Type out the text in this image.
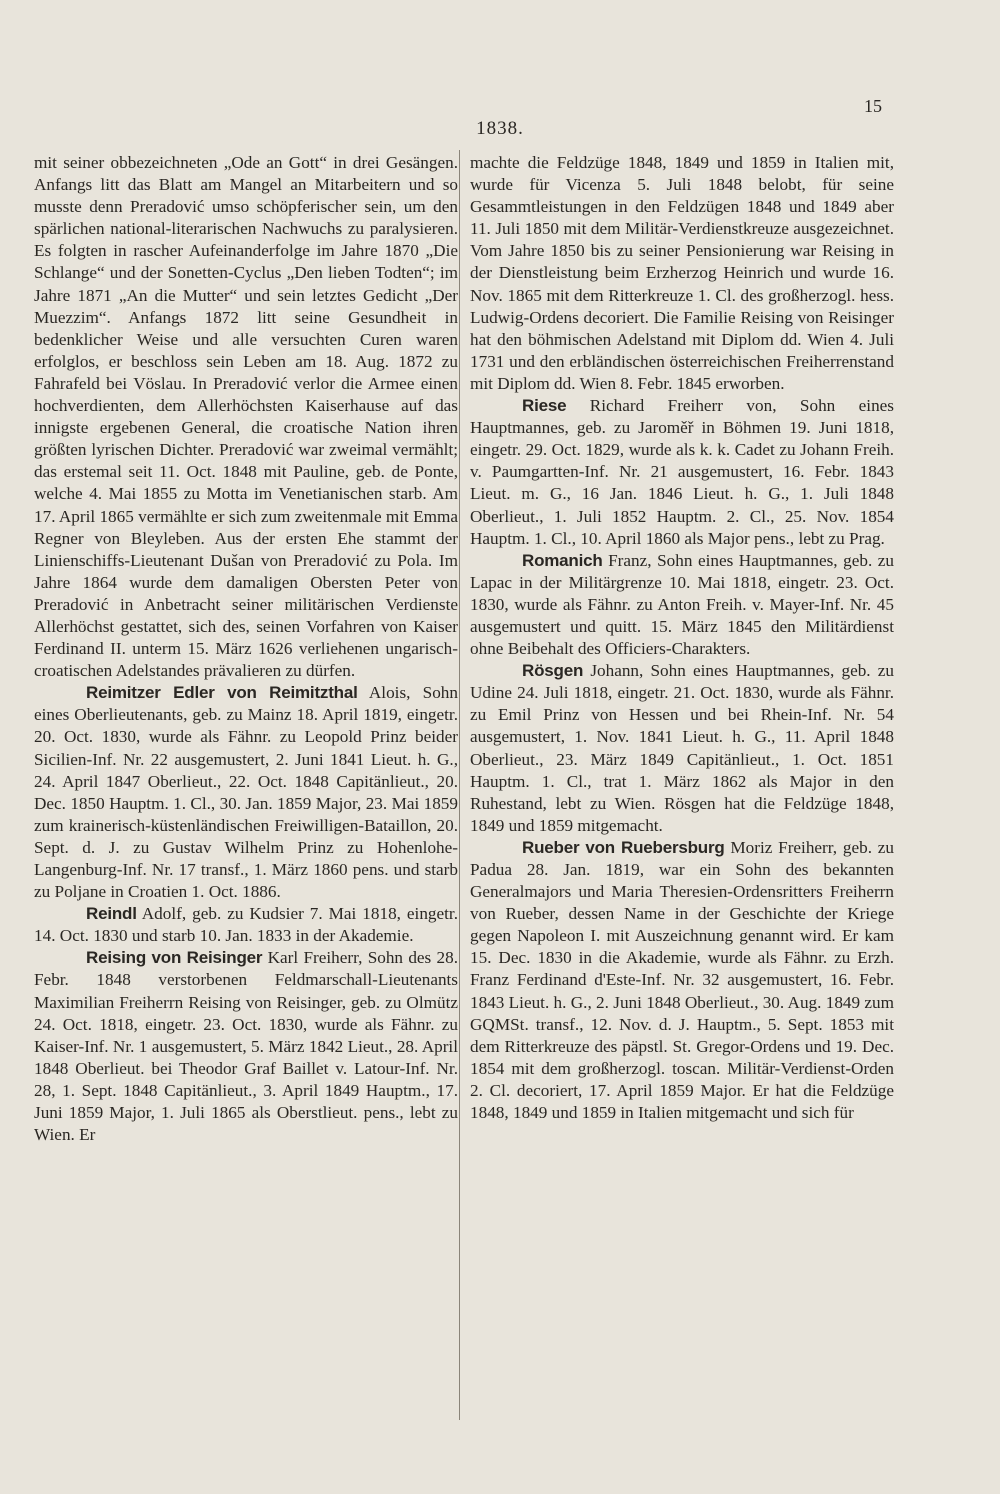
15
1838.

mit seiner obbezeichneten „Ode an Gott“ in drei Gesängen. Anfangs litt das Blatt am Mangel an Mitarbeitern und so musste denn Preradović umso schöpferischer sein, um den spärlichen national-literarischen Nachwuchs zu paralysieren. Es folgten in rascher Aufeinanderfolge im Jahre 1870 „Die Schlange“ und der Sonetten-Cyclus „Den lieben Todten“; im Jahre 1871 „An die Mutter“ und sein letztes Gedicht „Der Muezzim“. Anfangs 1872 litt seine Gesundheit in bedenklicher Weise und alle versuchten Curen waren erfolglos, er beschloss sein Leben am 18. Aug. 1872 zu Fahrafeld bei Vöslau. In Preradović verlor die Armee einen hochverdienten, dem Allerhöchsten Kaiserhause auf das innigste ergebenen General, die croatische Nation ihren größten lyrischen Dichter. Preradović war zweimal vermählt; das erstemal seit 11. Oct. 1848 mit Pauline, geb. de Ponte, welche 4. Mai 1855 zu Motta im Venetianischen starb. Am 17. April 1865 vermählte er sich zum zweitenmale mit Emma Regner von Bleyleben. Aus der ersten Ehe stammt der Linienschiffs-Lieutenant Dušan von Preradović zu Pola. Im Jahre 1864 wurde dem damaligen Obersten Peter von Preradović in Anbetracht seiner militärischen Verdienste Allerhöchst gestattet, sich des, seinen Vorfahren von Kaiser Ferdinand II. unterm 15. März 1626 verliehenen ungarisch-croatischen Adelstandes prävalieren zu dürfen.

Reimitzer Edler von Reimitzthal Alois, Sohn eines Oberlieutenants, geb. zu Mainz 18. April 1819, eingetr. 20. Oct. 1830, wurde als Fähnr. zu Leopold Prinz beider Sicilien-Inf. Nr. 22 ausgemustert, 2. Juni 1841 Lieut. h. G., 24. April 1847 Oberlieut., 22. Oct. 1848 Capitänlieut., 20. Dec. 1850 Hauptm. 1. Cl., 30. Jan. 1859 Major, 23. Mai 1859 zum krainerisch-küstenländischen Freiwilligen-Bataillon, 20. Sept. d. J. zu Gustav Wilhelm Prinz zu Hohenlohe-Langenburg-Inf. Nr. 17 transf., 1. März 1860 pens. und starb zu Poljane in Croatien 1. Oct. 1886.

Reindl Adolf, geb. zu Kudsier 7. Mai 1818, eingetr. 14. Oct. 1830 und starb 10. Jan. 1833 in der Akademie.

Reising von Reisinger Karl Freiherr, Sohn des 28. Febr. 1848 verstorbenen Feldmarschall-Lieutenants Maximilian Freiherrn Reising von Reisinger, geb. zu Olmütz 24. Oct. 1818, eingetr. 23. Oct. 1830, wurde als Fähnr. zu Kaiser-Inf. Nr. 1 ausgemustert, 5. März 1842 Lieut., 28. April 1848 Oberlieut. bei Theodor Graf Baillet v. Latour-Inf. Nr. 28, 1. Sept. 1848 Capitänlieut., 3. April 1849 Hauptm., 17. Juni 1859 Major, 1. Juli 1865 als Oberstlieut. pens., lebt zu Wien. Er

machte die Feldzüge 1848, 1849 und 1859 in Italien mit, wurde für Vicenza 5. Juli 1848 belobt, für seine Gesammtleistungen in den Feldzügen 1848 und 1849 aber 11. Juli 1850 mit dem Militär-Verdienstkreuze ausgezeichnet. Vom Jahre 1850 bis zu seiner Pensionierung war Reising in der Dienstleistung beim Erzherzog Heinrich und wurde 16. Nov. 1865 mit dem Ritterkreuze 1. Cl. des großherzogl. hess. Ludwig-Ordens decoriert. Die Familie Reising von Reisinger hat den böhmischen Adelstand mit Diplom dd. Wien 4. Juli 1731 und den erbländischen österreichischen Freiherrenstand mit Diplom dd. Wien 8. Febr. 1845 erworben.

Riese Richard Freiherr von, Sohn eines Hauptmannes, geb. zu Jaroměř in Böhmen 19. Juni 1818, eingetr. 29. Oct. 1829, wurde als k. k. Cadet zu Johann Freih. v. Paumgartten-Inf. Nr. 21 ausgemustert, 16. Febr. 1843 Lieut. m. G., 16 Jan. 1846 Lieut. h. G., 1. Juli 1848 Oberlieut., 1. Juli 1852 Hauptm. 2. Cl., 25. Nov. 1854 Hauptm. 1. Cl., 10. April 1860 als Major pens., lebt zu Prag.

Romanich Franz, Sohn eines Hauptmannes, geb. zu Lapac in der Militärgrenze 10. Mai 1818, eingetr. 23. Oct. 1830, wurde als Fähnr. zu Anton Freih. v. Mayer-Inf. Nr. 45 ausgemustert und quitt. 15. März 1845 den Militärdienst ohne Beibehalt des Officiers-Charakters.

Rösgen Johann, Sohn eines Hauptmannes, geb. zu Udine 24. Juli 1818, eingetr. 21. Oct. 1830, wurde als Fähnr. zu Emil Prinz von Hessen und bei Rhein-Inf. Nr. 54 ausgemustert, 1. Nov. 1841 Lieut. h. G., 11. April 1848 Oberlieut., 23. März 1849 Capitänlieut., 1. Oct. 1851 Hauptm. 1. Cl., trat 1. März 1862 als Major in den Ruhestand, lebt zu Wien. Rösgen hat die Feldzüge 1848, 1849 und 1859 mitgemacht.

Rueber von Ruebersburg Moriz Freiherr, geb. zu Padua 28. Jan. 1819, war ein Sohn des bekannten Generalmajors und Maria Theresien-Ordensritters Freiherrn von Rueber, dessen Name in der Geschichte der Kriege gegen Napoleon I. mit Auszeichnung genannt wird. Er kam 15. Dec. 1830 in die Akademie, wurde als Fähnr. zu Erzh. Franz Ferdinand d'Este-Inf. Nr. 32 ausgemustert, 16. Febr. 1843 Lieut. h. G., 2. Juni 1848 Oberlieut., 30. Aug. 1849 zum GQMSt. transf., 12. Nov. d. J. Hauptm., 5. Sept. 1853 mit dem Ritterkreuze des päpstl. St. Gregor-Ordens und 19. Dec. 1854 mit dem großherzogl. toscan. Militär-Verdienst-Orden 2. Cl. decoriert, 17. April 1859 Major. Er hat die Feldzüge 1848, 1849 und 1859 in Italien mitgemacht und sich für
